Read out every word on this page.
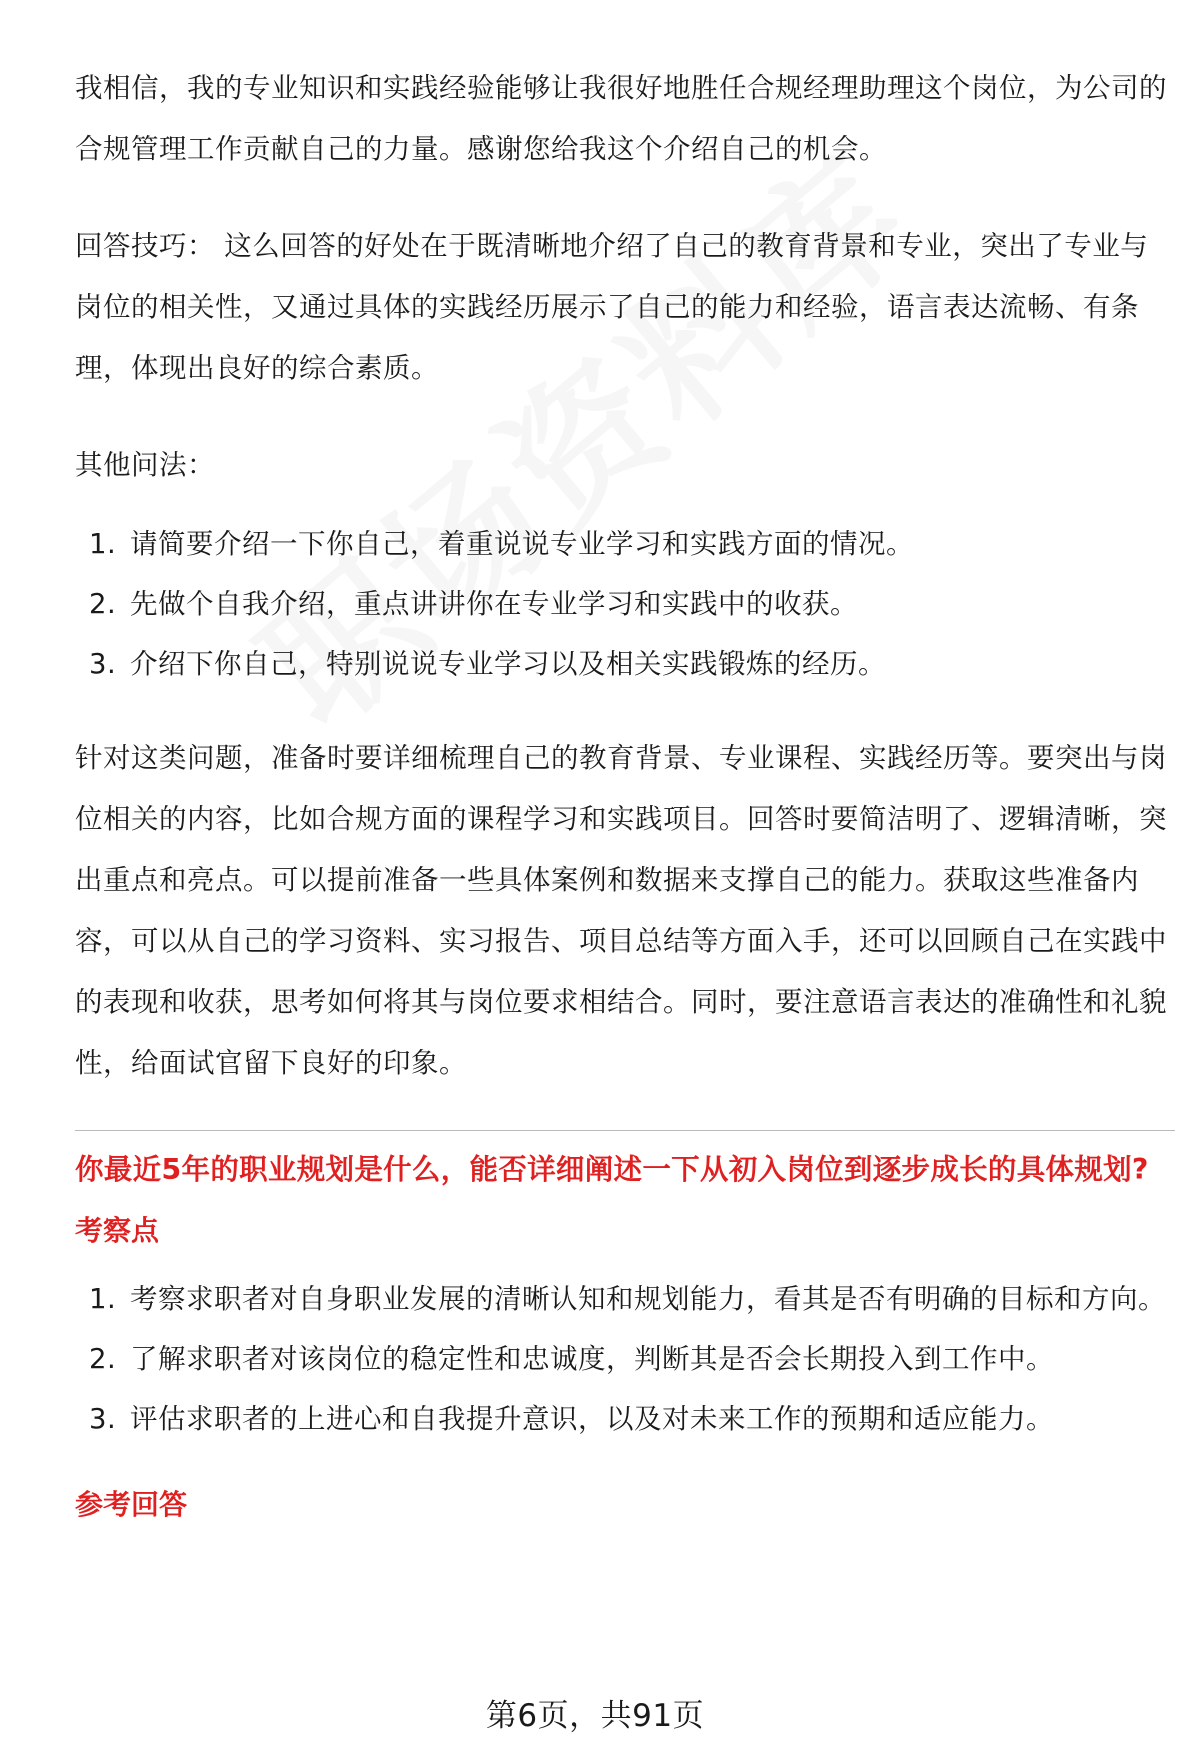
我相信，我的专业知识和实践经验能够让我很好地胜任合规经理助理这个岗位，为公司的合规管理工作贡献自己的力量。感谢您给我这个介绍自己的机会。

回答技巧： 这么回答的好处在于既清晰地介绍了自己的教育背景和专业，突出了专业与岗位的相关性，又通过具体的实践经历展示了自己的能力和经验，语言表达流畅、有条理，体现出良好的综合素质。

其他问法：

1. 请简要介绍一下你自己，着重说说专业学习和实践方面的情况。
2. 先做个自我介绍，重点讲讲你在专业学习和实践中的收获。
3. 介绍下你自己，特别说说专业学习以及相关实践锻炼的经历。

针对这类问题，准备时要详细梳理自己的教育背景、专业课程、实践经历等。要突出与岗位相关的内容，比如合规方面的课程学习和实践项目。回答时要简洁明了、逻辑清晰，突出重点和亮点。可以提前准备一些具体案例和数据来支撑自己的能力。获取这些准备内容，可以从自己的学习资料、实习报告、项目总结等方面入手，还可以回顾自己在实践中的表现和收获，思考如何将其与岗位要求相结合。同时，要注意语言表达的准确性和礼貌性，给面试官留下良好的印象。

你最近5年的职业规划是什么，能否详细阐述一下从初入岗位到逐步成长的具体规划?
考察点
1. 考察求职者对自身职业发展的清晰认知和规划能力，看其是否有明确的目标和方向。
2. 了解求职者对该岗位的稳定性和忠诚度，判断其是否会长期投入到工作中。
3. 评估求职者的上进心和自我提升意识，以及对未来工作的预期和适应能力。
参考回答
第6页，共91页
